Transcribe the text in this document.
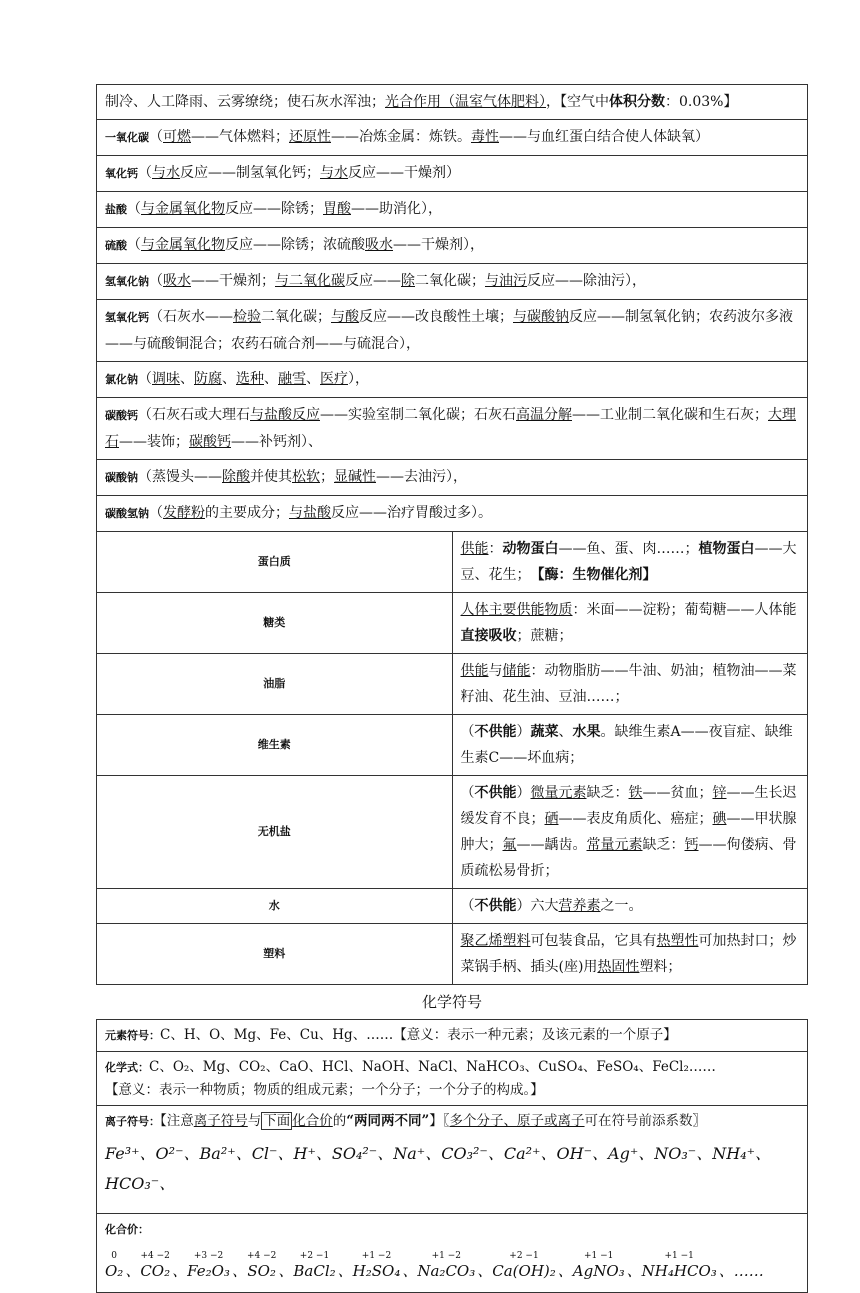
制冷、人工降雨、云雾缭绕；使石灰水浑浊；光合作用（温室气体肥料），【空气中体积分数：0.03%】	
一氧化碳（可燃——气体燃料；还原性——冶炼金属：炼铁。毒性——与血红蛋白结合使人体缺氧）	
氧化钙（与水反应——制氢氧化钙；与水反应——干燥剂）	
盐酸（与金属氧化物反应——除锈；胃酸——助消化），	
硫酸（与金属氧化物反应——除锈；浓硫酸吸水——干燥剂），	
氢氧化钠（吸水——干燥剂；与二氧化碳反应——除二氧化碳；与油污反应——除油污），	
氢氧化钙（石灰水——检验二氧化碳；与酸反应——改良酸性土壤；与碳酸钠反应——制氢氧化钠；农药波尔多液——与硫酸铜混合；农药石硫合剂——与硫混合），	
氯化钠（调味、防腐、选种、融雪、医疗），	
碳酸钙（石灰石或大理石与盐酸反应——实验室制二氧化碳；石灰石高温分解——工业制二氧化碳和生石灰；大理石——装饰；碳酸钙——补钙剂）、	
碳酸钠（蒸馒头——除酸并使其松软；显碱性——去油污），	
碳酸氢钠（发酵粉的主要成分；与盐酸反应——治疗胃酸过多）。	
蛋白质	供能：动物蛋白——鱼、蛋、肉……；植物蛋白——大豆、花生；　【酶：生物催化剂】
糖类	人体主要供能物质：米面——淀粉；葡萄糖——人体能直接吸收；蔗糖；
油脂	供能与储能：动物脂肪——牛油、奶油；植物油——菜籽油、花生油、豆油……；
维生素	（不供能）蔬菜、水果。缺维生素A——夜盲症、缺维生素C——坏血病；
无机盐	（不供能）微量元素缺乏：铁——贫血；锌——生长迟缓发育不良；硒——表皮角质化、癌症；碘——甲状腺肿大；氟——龋齿。常量元素缺乏：钙——佝偻病、骨质疏松易骨折；
水	（不供能）六大营养素之一。
塑料	聚乙烯塑料可包装食品，它具有热塑性可加热封口；炒菜锅手柄、插头(座)用热固性塑料；
化学符号
元素符号：C、H、O、Mg、Fe、Cu、Hg、……【意义：表示一种元素；及该元素的一个原子】
化学式：C、O₂、Mg、CO₂、CaO、HCl、NaOH、NaCl、NaHCO₃、CuSO₄、FeSO₄、FeCl₂……
【意义：表示一种物质；物质的组成元素；一个分子；一个分子的构成。】
离子符号：【注意离子符号与 下面 化合价的“两同两不同”】〖多个分子、原子或离子可在符号前添系数〗
Fe³⁺、O²⁻、Ba²⁺、Cl⁻、H⁺、SO₄²⁻、Na⁺、CO₃²⁻、Ca²⁺、OH⁻、Ag⁺、NO₃⁻、NH₄⁺、HCO₃⁻、

化合价：
0
O₂ 、
+4 −2
CO₂ 、
+3 −2
Fe₂O₃ 、
+4 −2
SO₂ 、
+2 −1
BaCl₂ 、
+1 −2
H₂SO₄ 、
+1 −2
Na₂CO₃ 、
+2 −1
Ca(OH)₂ 、
+1 −1
AgNO₃ 、
+1 −1
NH₄HCO₃ 、……
